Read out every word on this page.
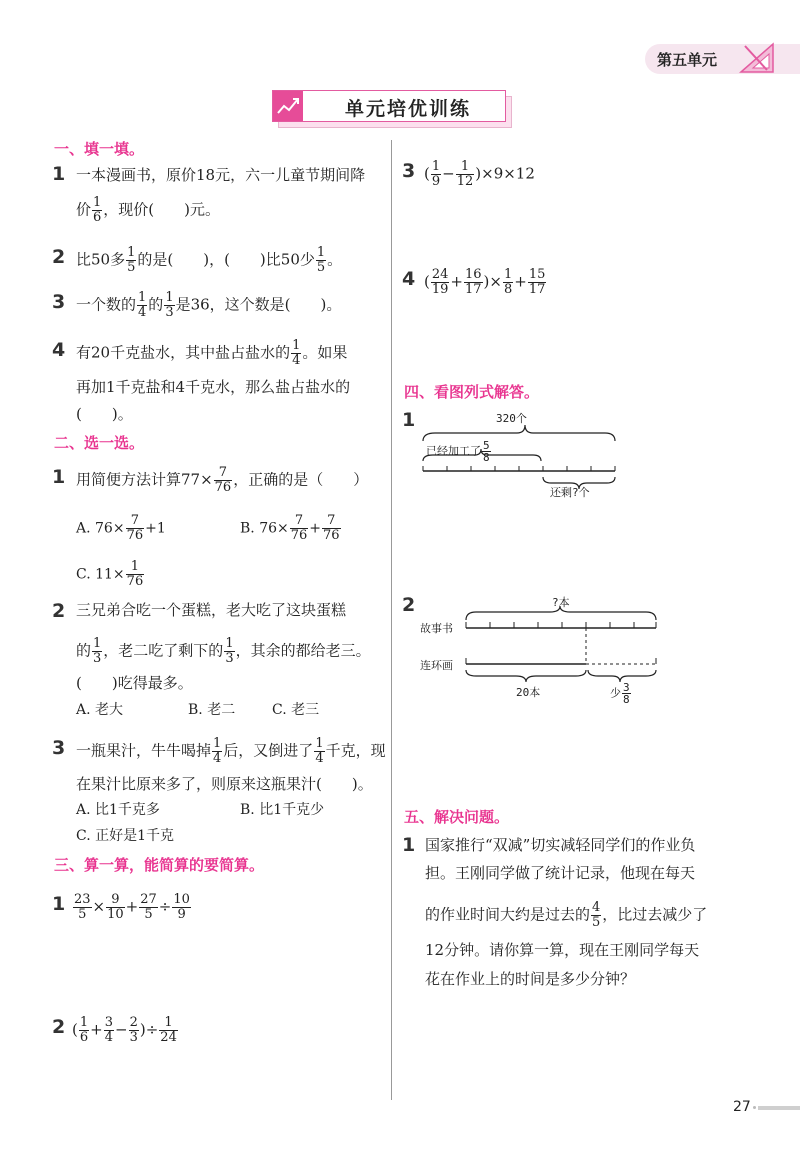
第五单元
单元培优训练
一、填一填。
1 一本漫画书，原价18元，六一儿童节期间降
价 $\frac{1}{6}$ ，现价(　　)元。
2 比50多 $\frac{1}{5}$ 的是(　　)，(　　)比50少 $\frac{1}{5}$ 。
3 一个数的 $\frac{1}{4}$ 的 $\frac{1}{3}$ 是36，这个数是(　　)。
4 有20千克盐水，其中盐占盐水的 $\frac{1}{4}$ 。如果
再加1千克盐和4千克水，那么盐占盐水的
(　　)。
二、选一选。
1 用简便方法计算$77\times \frac{7}{76}$ ，正确的是（　　）
A. $76\times \frac{7}{76} +1$	B. $76\times \frac{7}{76} + \frac{7}{76}$
C. $11\times \frac{1}{76}$
2 三兄弟合吃一个蛋糕，老大吃了这块蛋糕
的 $\frac{1}{3}$ ，老二吃了剩下的 $\frac{1}{3}$ ，其余的都给老三。
(　　)吃得最多。
A. 老大	B. 老二	C. 老三
3 一瓶果汁，牛牛喝掉 $\frac{1}{4}$ 后，又倒进了 $\frac{1}{4}$ 千克，现
在果汁比原来多了，则原来这瓶果汁(　　)。
A. 比1千克多	B. 比1千克少
C. 正好是1千克
三、算一算，能简算的要简算。
$1 \frac{23}{5} \times \frac{9}{10} + \frac{27}{5} \div \frac{10}{9}$
2 ( $\frac{1}{6} + \frac{3}{4} - \frac{2}{3}$ )÷ $\frac{1}{24}$
3 ( $\frac{1}{9} - \frac{1}{12} )\times 9\times 12$
4 ( $\frac{24}{19} + \frac{16}{17}$ )× $\frac{1}{8} + \frac{15}{17}$
四、看图列式解答。
1	320个
已经加工了 $\frac{5}{8}$
还剩?个
2	?本
故事书
连环画
20本	少 $\frac{3}{8}$
五、解决问题。
1 国家推行“双减”切实减轻同学们的作业负
担。王刚同学做了统计记录，他现在每天
的作业时间大约是过去的 $\frac{4}{5}$ ，比过去减少了
12分钟。请你算一算，现在王刚同学每天
花在作业上的时间是多少分钟？
27
